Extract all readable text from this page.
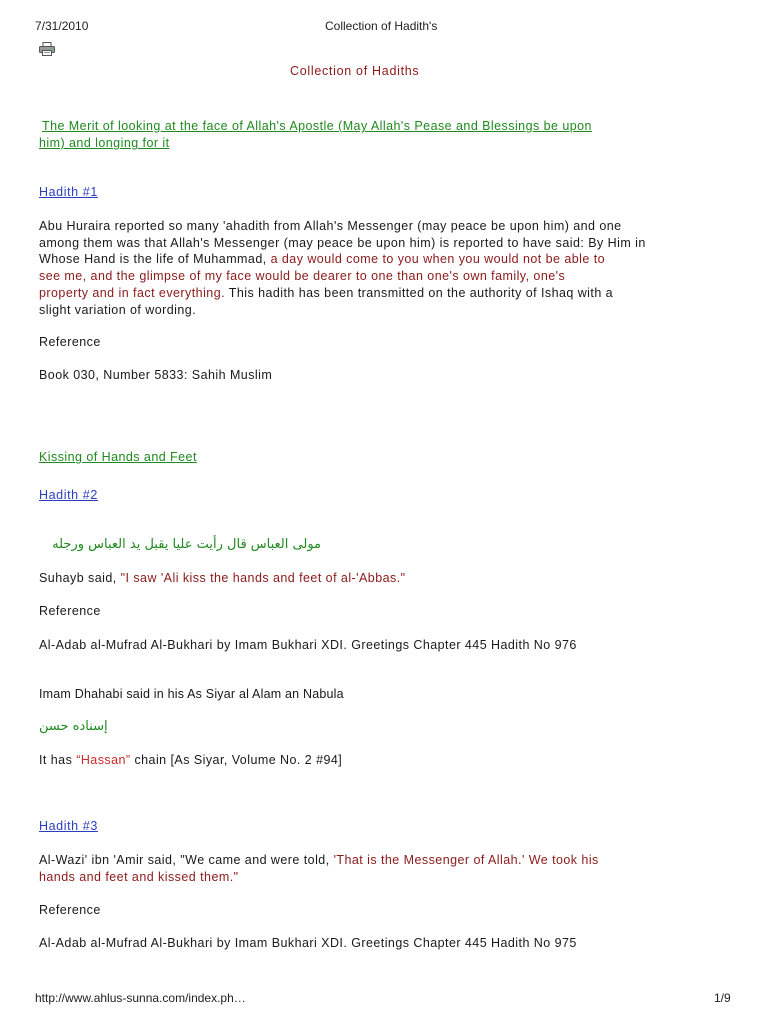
7/31/2010	Collection of Hadith's
Collection of Hadiths
The Merit of looking at the face of Allah's Apostle (May Allah's Pease and Blessings be upon
him) and longing for it
Hadith #1
Abu Huraira reported so many 'ahadith from Allah's Messenger (may peace be upon him) and one
among them was that Allah's Messenger (may peace be upon him) is reported to have said: By Him in
Whose Hand is the life of Muhammad, a day would come to you when you would not be able to
see me, and the glimpse of my face would be dearer to one than one's own family, one's
property and in fact everything. This hadith has been transmitted on the authority of Ishaq with a
slight variation of wording.
Reference
Book 030, Number 5833: Sahih Muslim
Kissing of Hands and Feet
Hadith #2
مولى العباس قال رأيت عليا يقبل يد العباس ورجله
Suhayb said, "I saw 'Ali kiss the hands and feet of al-'Abbas."
Reference
Al-Adab al-Mufrad Al-Bukhari by Imam Bukhari XDI. Greetings Chapter 445 Hadith No 976
Imam Dhahabi said in his As Siyar al Alam an Nabula
إسناده حسن
It has “Hassan” chain [As Siyar, Volume No. 2 #94]
Hadith #3
Al-Wazi' ibn 'Amir said, "We came and were told, 'That is the Messenger of Allah.' We took his
hands and feet and kissed them."
Reference
Al-Adab al-Mufrad Al-Bukhari by Imam Bukhari XDI. Greetings Chapter 445 Hadith No 975
http://www.ahlus-sunna.com/index.ph…	1/9
